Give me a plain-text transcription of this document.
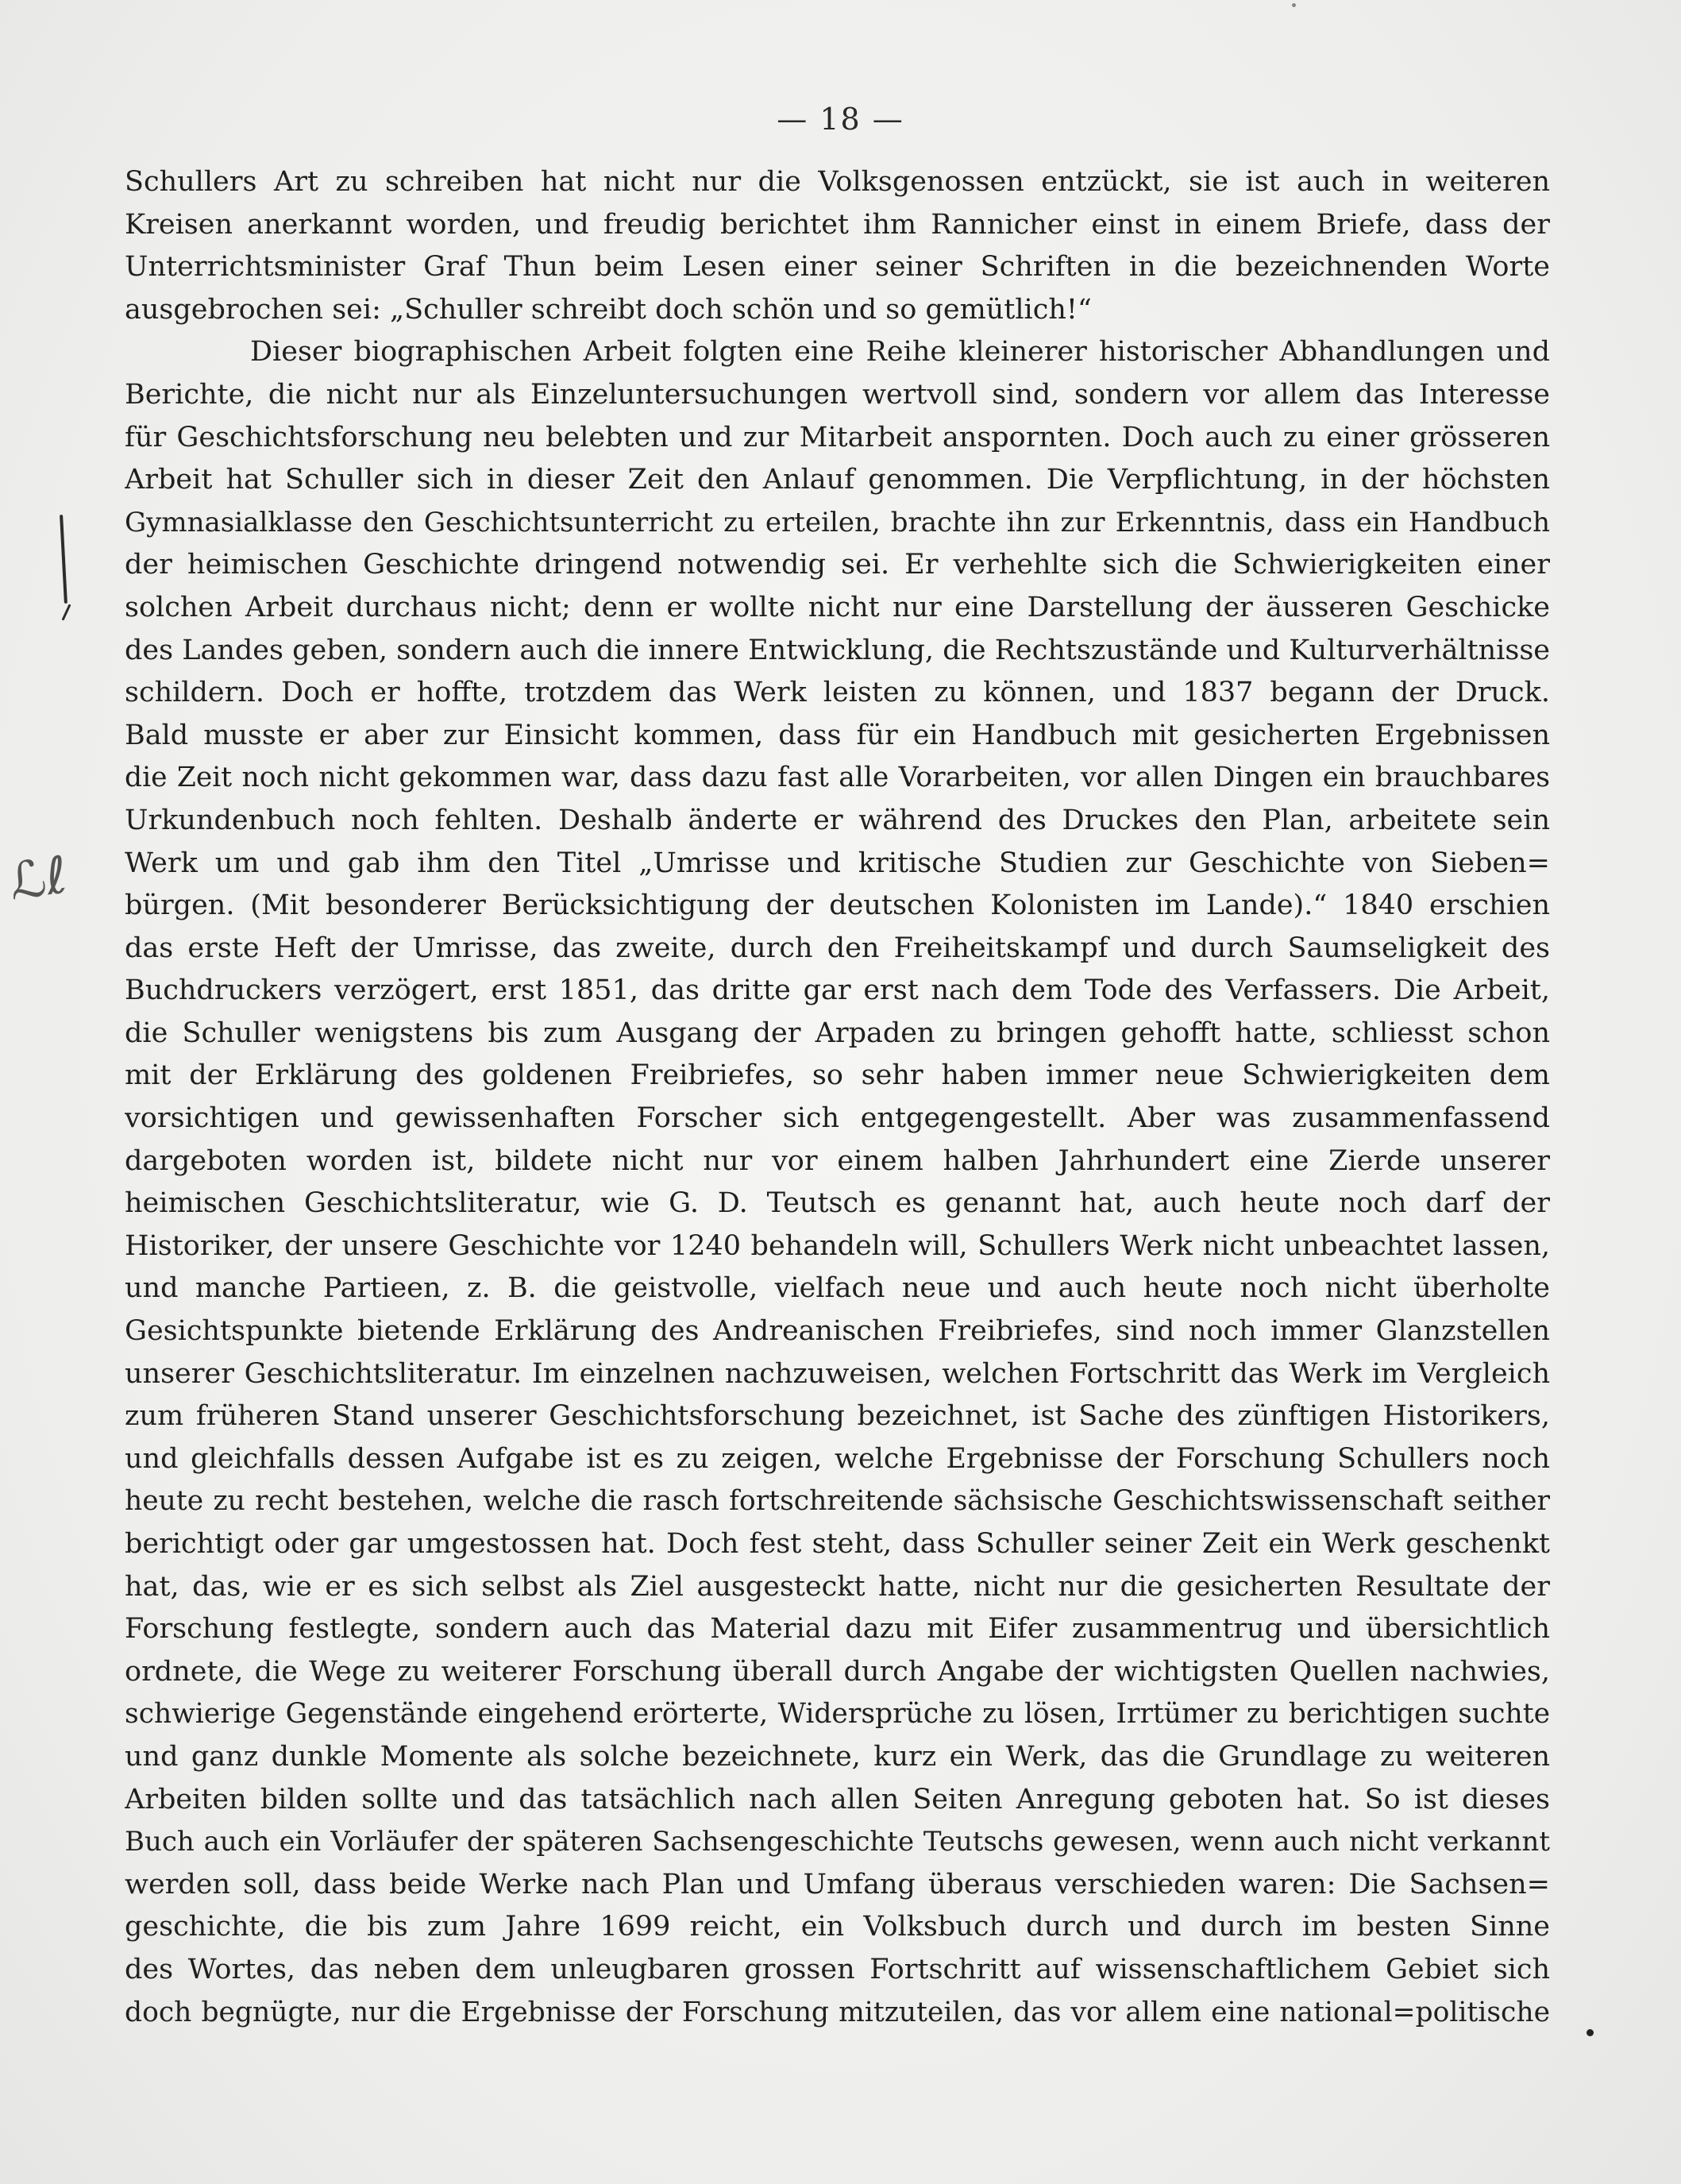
— 18 —
ℒℓ
Schullers Art zu schreiben hat nicht nur die Volksgenossen entzückt, sie ist auch in weiteren
Kreisen anerkannt worden, und freudig berichtet ihm Rannicher einst in einem Briefe, dass der
Unterrichtsminister Graf Thun beim Lesen einer seiner Schriften in die bezeichnenden Worte
ausgebrochen sei: „Schuller schreibt doch schön und so gemütlich!“
Dieser biographischen Arbeit folgten eine Reihe kleinerer historischer Abhandlungen und
Berichte, die nicht nur als Einzeluntersuchungen wertvoll sind, sondern vor allem das Interesse
für Geschichtsforschung neu belebten und zur Mitarbeit anspornten. Doch auch zu einer grösseren
Arbeit hat Schuller sich in dieser Zeit den Anlauf genommen. Die Verpflichtung, in der höchsten
Gymnasialklasse den Geschichtsunterricht zu erteilen, brachte ihn zur Erkenntnis, dass ein Handbuch
der heimischen Geschichte dringend notwendig sei. Er verhehlte sich die Schwierigkeiten einer
solchen Arbeit durchaus nicht; denn er wollte nicht nur eine Darstellung der äusseren Geschicke
des Landes geben, sondern auch die innere Entwicklung, die Rechtszustände und Kulturverhältnisse
schildern. Doch er hoffte, trotzdem das Werk leisten zu können, und 1837 begann der Druck.
Bald musste er aber zur Einsicht kommen, dass für ein Handbuch mit gesicherten Ergebnissen
die Zeit noch nicht gekommen war, dass dazu fast alle Vorarbeiten, vor allen Dingen ein brauchbares
Urkundenbuch noch fehlten. Deshalb änderte er während des Druckes den Plan, arbeitete sein
Werk um und gab ihm den Titel „Umrisse und kritische Studien zur Geschichte von Sieben=
bürgen. (Mit besonderer Berücksichtigung der deutschen Kolonisten im Lande).“ 1840 erschien
das erste Heft der Umrisse, das zweite, durch den Freiheitskampf und durch Saumseligkeit des
Buchdruckers verzögert, erst 1851, das dritte gar erst nach dem Tode des Verfassers. Die Arbeit,
die Schuller wenigstens bis zum Ausgang der Arpaden zu bringen gehofft hatte, schliesst schon
mit der Erklärung des goldenen Freibriefes, so sehr haben immer neue Schwierigkeiten dem
vorsichtigen und gewissenhaften Forscher sich entgegengestellt. Aber was zusammenfassend
dargeboten worden ist, bildete nicht nur vor einem halben Jahrhundert eine Zierde unserer
heimischen Geschichtsliteratur, wie G. D. Teutsch es genannt hat, auch heute noch darf der
Historiker, der unsere Geschichte vor 1240 behandeln will, Schullers Werk nicht unbeachtet lassen,
und manche Partieen, z. B. die geistvolle, vielfach neue und auch heute noch nicht überholte
Gesichtspunkte bietende Erklärung des Andreanischen Freibriefes, sind noch immer Glanzstellen
unserer Geschichtsliteratur. Im einzelnen nachzuweisen, welchen Fortschritt das Werk im Vergleich
zum früheren Stand unserer Geschichtsforschung bezeichnet, ist Sache des zünftigen Historikers,
und gleichfalls dessen Aufgabe ist es zu zeigen, welche Ergebnisse der Forschung Schullers noch
heute zu recht bestehen, welche die rasch fortschreitende sächsische Geschichtswissenschaft seither
berichtigt oder gar umgestossen hat. Doch fest steht, dass Schuller seiner Zeit ein Werk geschenkt
hat, das, wie er es sich selbst als Ziel ausgesteckt hatte, nicht nur die gesicherten Resultate der
Forschung festlegte, sondern auch das Material dazu mit Eifer zusammentrug und übersichtlich
ordnete, die Wege zu weiterer Forschung überall durch Angabe der wichtigsten Quellen nachwies,
schwierige Gegenstände eingehend erörterte, Widersprüche zu lösen, Irrtümer zu berichtigen suchte
und ganz dunkle Momente als solche bezeichnete, kurz ein Werk, das die Grundlage zu weiteren
Arbeiten bilden sollte und das tatsächlich nach allen Seiten Anregung geboten hat. So ist dieses
Buch auch ein Vorläufer der späteren Sachsengeschichte Teutschs gewesen, wenn auch nicht verkannt
werden soll, dass beide Werke nach Plan und Umfang überaus verschieden waren: Die Sachsen=
geschichte, die bis zum Jahre 1699 reicht, ein Volksbuch durch und durch im besten Sinne
des Wortes, das neben dem unleugbaren grossen Fortschritt auf wissenschaftlichem Gebiet sich
doch begnügte, nur die Ergebnisse der Forschung mitzuteilen, das vor allem eine national=politische
